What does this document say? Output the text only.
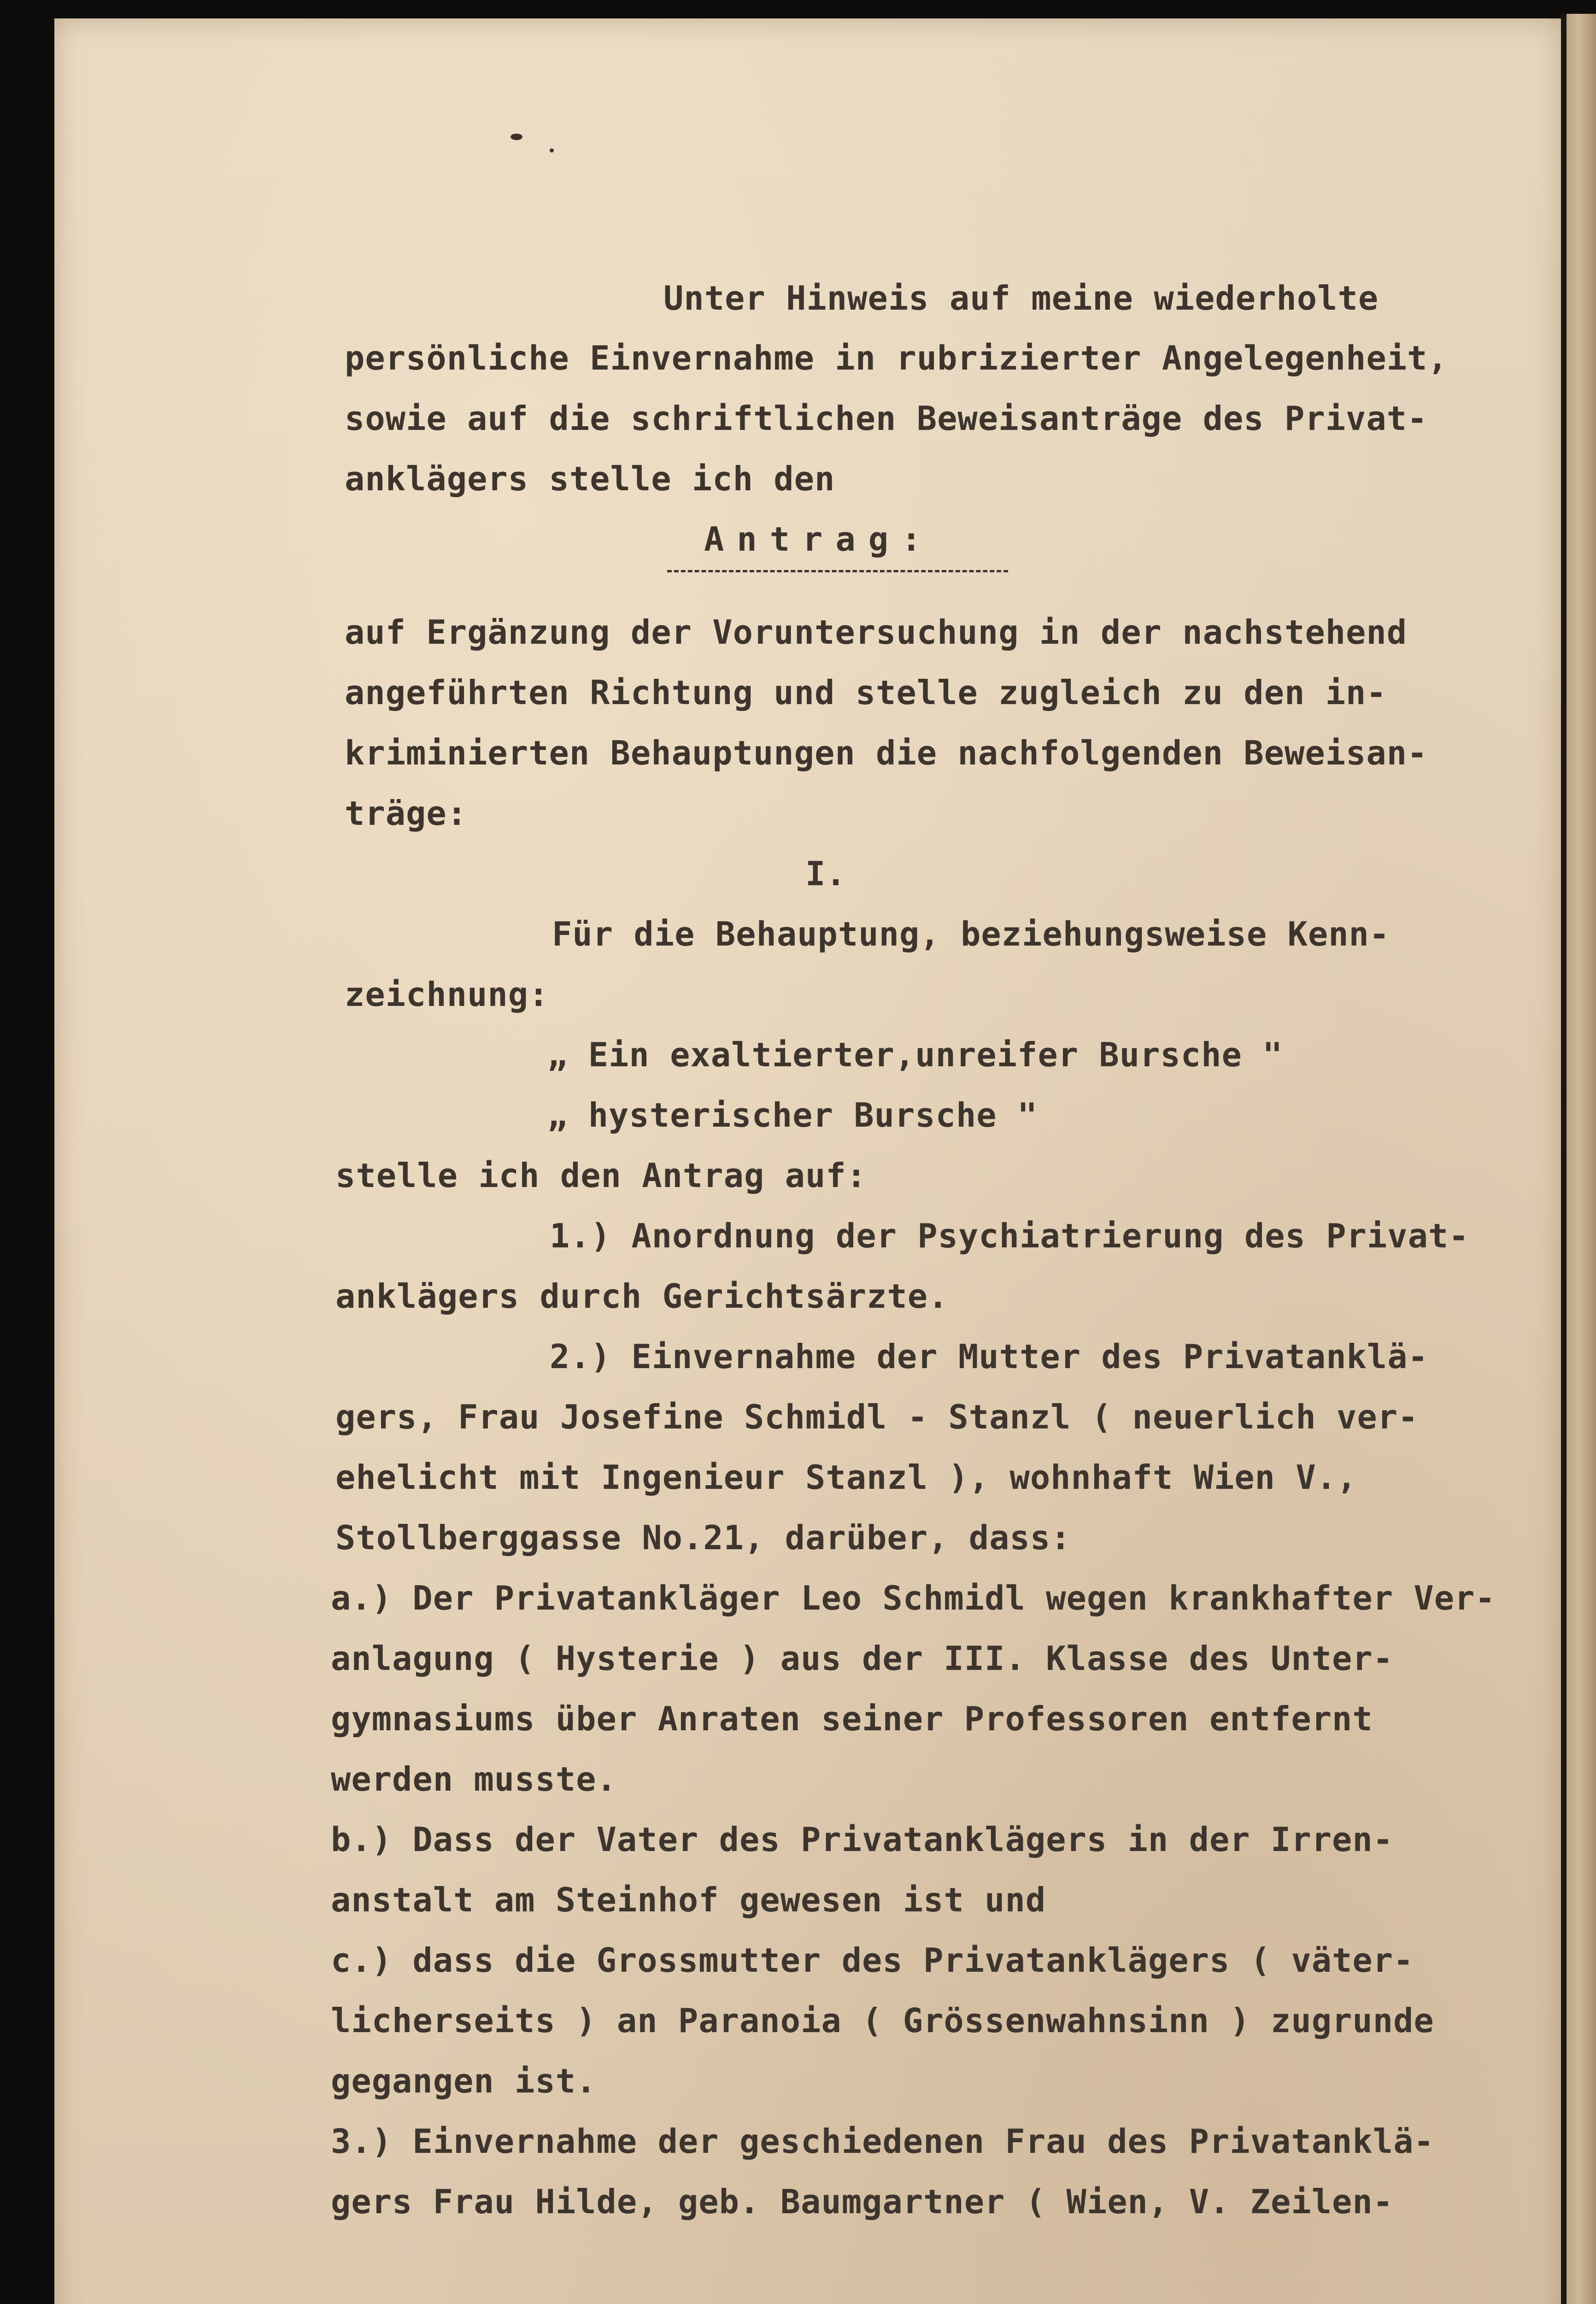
Unter Hinweis auf meine wiederholte
persönliche Einvernahme in rubrizierter Angelegenheit,
sowie auf die schriftlichen Beweisanträge des Privat-
anklägers stelle ich den
Antrag:
auf Ergänzung der Voruntersuchung in der nachstehend
angeführten Richtung und stelle zugleich zu den in-
kriminierten Behauptungen die nachfolgenden Beweisan-
träge:
I.
Für die Behauptung, beziehungsweise Kenn-
zeichnung:
„ Ein exaltierter,unreifer Bursche "
„ hysterischer Bursche "
stelle ich den Antrag auf:
1.) Anordnung der Psychiatrierung des Privat-
anklägers durch Gerichtsärzte.
2.) Einvernahme der Mutter des Privatanklä-
gers, Frau Josefine Schmidl - Stanzl ( neuerlich ver-
ehelicht mit Ingenieur Stanzl ), wohnhaft Wien V.,
Stollberggasse No.21, darüber, dass:
a.) Der Privatankläger Leo Schmidl wegen krankhafter Ver-
anlagung ( Hysterie ) aus der III. Klasse des Unter-
gymnasiums über Anraten seiner Professoren entfernt
werden musste.
b.) Dass der Vater des Privatanklägers in der Irren-
anstalt am Steinhof gewesen ist und
c.) dass die Grossmutter des Privatanklägers ( väter-
licherseits ) an Paranoia ( Grössenwahnsinn ) zugrunde
gegangen ist.
3.) Einvernahme der geschiedenen Frau des Privatanklä-
gers Frau Hilde, geb. Baumgartner ( Wien, V. Zeilen-
